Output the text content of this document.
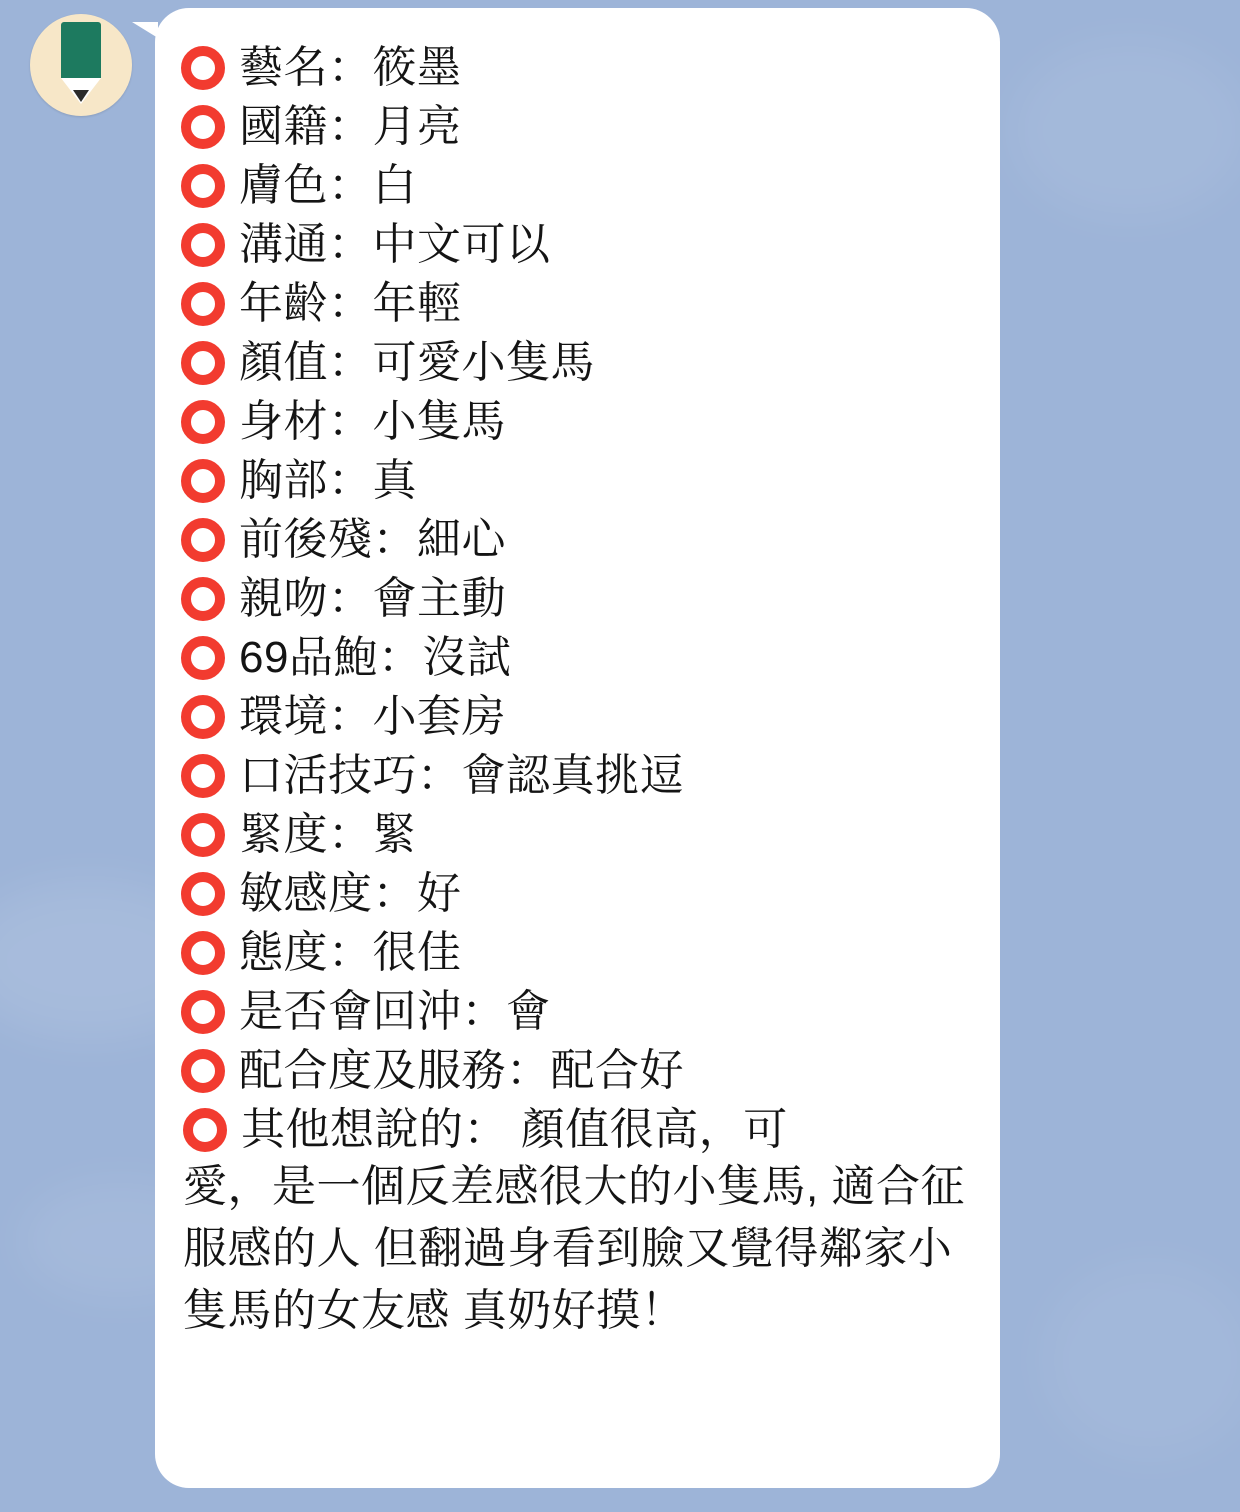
藝名：筱墨
國籍：月亮
膚色：白
溝通：中文可以
年齡：年輕
顏值：可愛小隻馬
身材：小隻馬
胸部：真
前後殘：細心
親吻：會主動
69品鮑：沒試
環境：小套房
口活技巧：會認真挑逗
緊度：緊
敏感度：好
態度：很佳
是否會回沖：會
配合度及服務：配合好
其他想說的： 顏值很高，可
愛，是一個反差感很大的小隻馬, 適合征服感的人 但翻過身看到臉又覺得鄰家小隻馬的女友感 真奶好摸！
